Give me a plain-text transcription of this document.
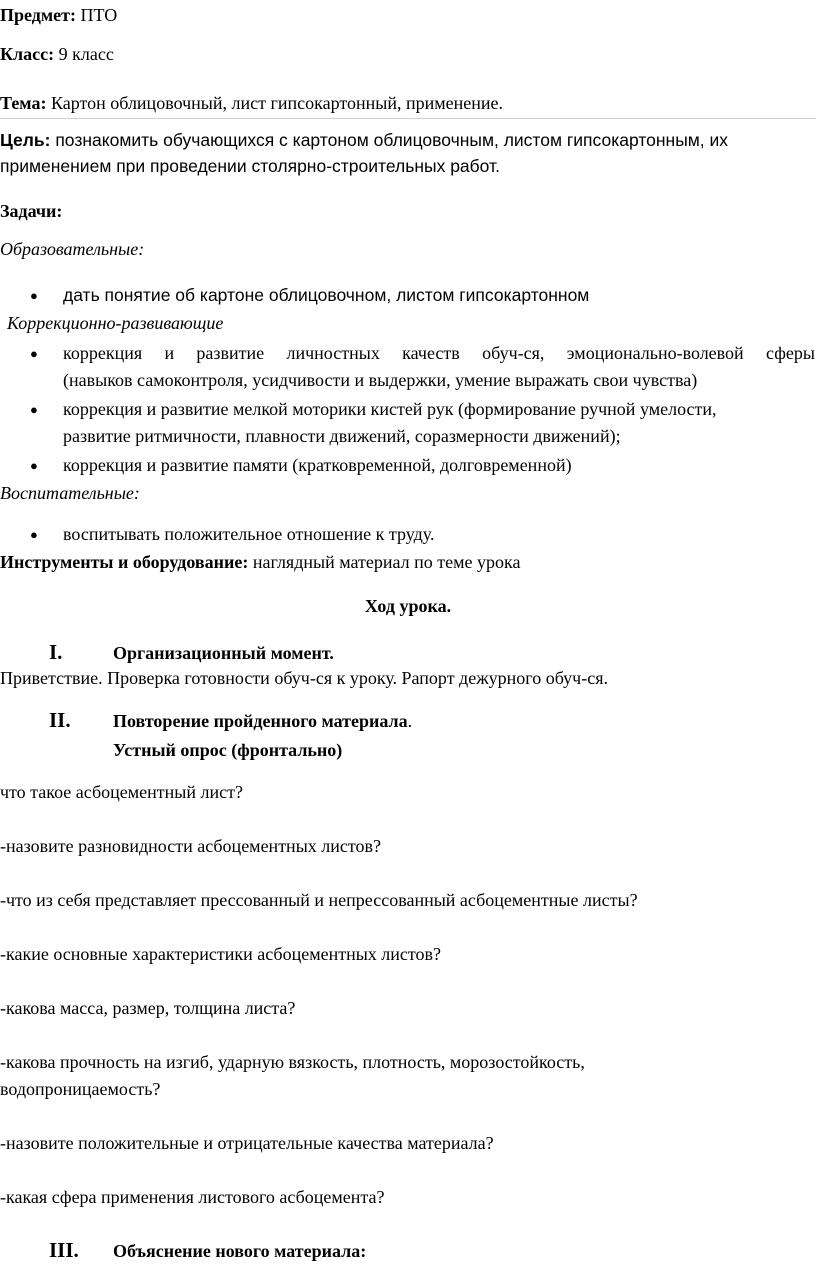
Предмет: ПТО
Класс: 9 класс
Тема: Картон облицовочный, лист гипсокартонный, применение.
Цель: познакомить обучающихся с картоном облицовочным, листом гипсокартонным, их
применением при проведении столярно-строительных работ.
Задачи:
Образовательные:
● дать понятие об картоне облицовочном, листом гипсокартонном
Коррекционно-развивающие
● коррекция и развитие личностных качеств обуч-ся, эмоционально-волевой сферы
(навыков самоконтроля, усидчивости и выдержки, умение выражать свои чувства)
● коррекция и развитие мелкой моторики кистей рук (формирование ручной умелости,
развитие ритмичности, плавности движений, соразмерности движений);
● коррекция и развитие памяти (кратковременной, долговременной)
Воспитательные:
● воспитывать положительное отношение к труду.
Инструменты и оборудование: наглядный материал по теме урока
Ход урока.
I.	Организационный момент.
Приветствие. Проверка готовности обуч-ся к уроку. Рапорт дежурного обуч-ся.
II. Повторение пройденного материала.
Устный опрос (фронтально)
что такое асбоцементный лист?
-назовите разновидности асбоцементных листов?
-что из себя представляет прессованный и непрессованный асбоцементные листы?
-какие основные характеристики асбоцементных листов?
-какова масса, размер, толщина листа?
-какова прочность на изгиб, ударную вязкость, плотность, морозостойкость,
водопроницаемость?
-назовите положительные и отрицательные качества материала?
-какая сфера применения листового асбоцемента?
III. Объяснение нового материала:
